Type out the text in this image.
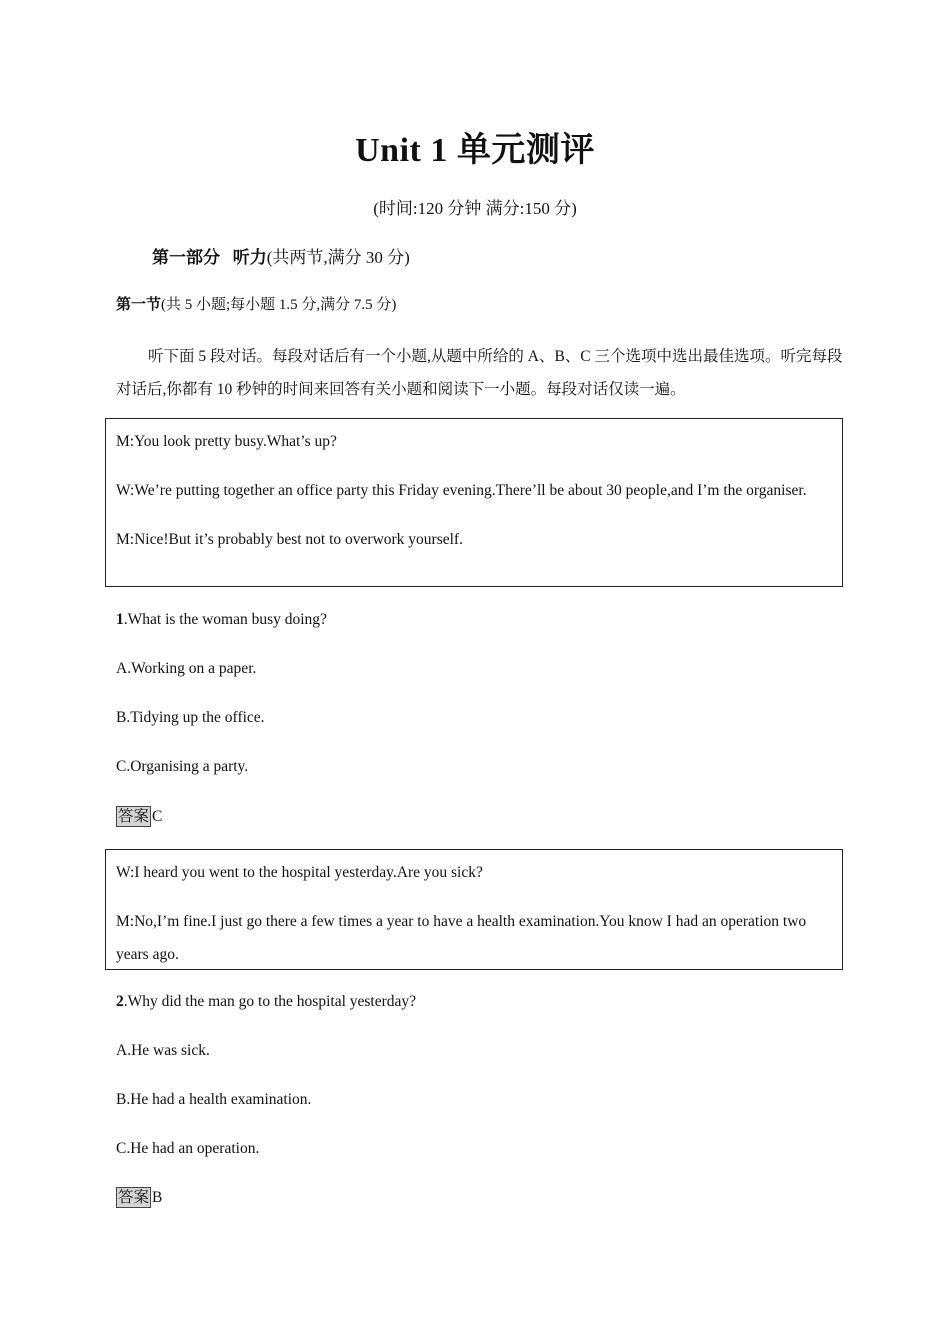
Unit 1 单元测评
(时间:120 分钟 满分:150 分)
第一部分 听力(共两节,满分 30 分)
第一节(共 5 小题;每小题 1.5 分,满分 7.5 分)
听下面 5 段对话。每段对话后有一个小题,从题中所给的 A、B、C 三个选项中选出最佳选项。听完每段对话后,你都有 10 秒钟的时间来回答有关小题和阅读下一小题。每段对话仅读一遍。

M:You look pretty busy.What’s up?

W:We’re putting together an office party this Friday evening.There’ll be about 30 people,and I’m the organiser.

M:Nice!But it’s probably best not to overwork yourself.

1.What is the woman busy doing?
A.Working on a paper.
B.Tidying up the office.
C.Organising a party.
答案 C

W:I heard you went to the hospital yesterday.Are you sick?

M:No,I’m fine.I just go there a few times a year to have a health examination.You know I had an operation two years ago.

2.Why did the man go to the hospital yesterday?
A.He was sick.
B.He had a health examination.
C.He had an operation.
答案 B
